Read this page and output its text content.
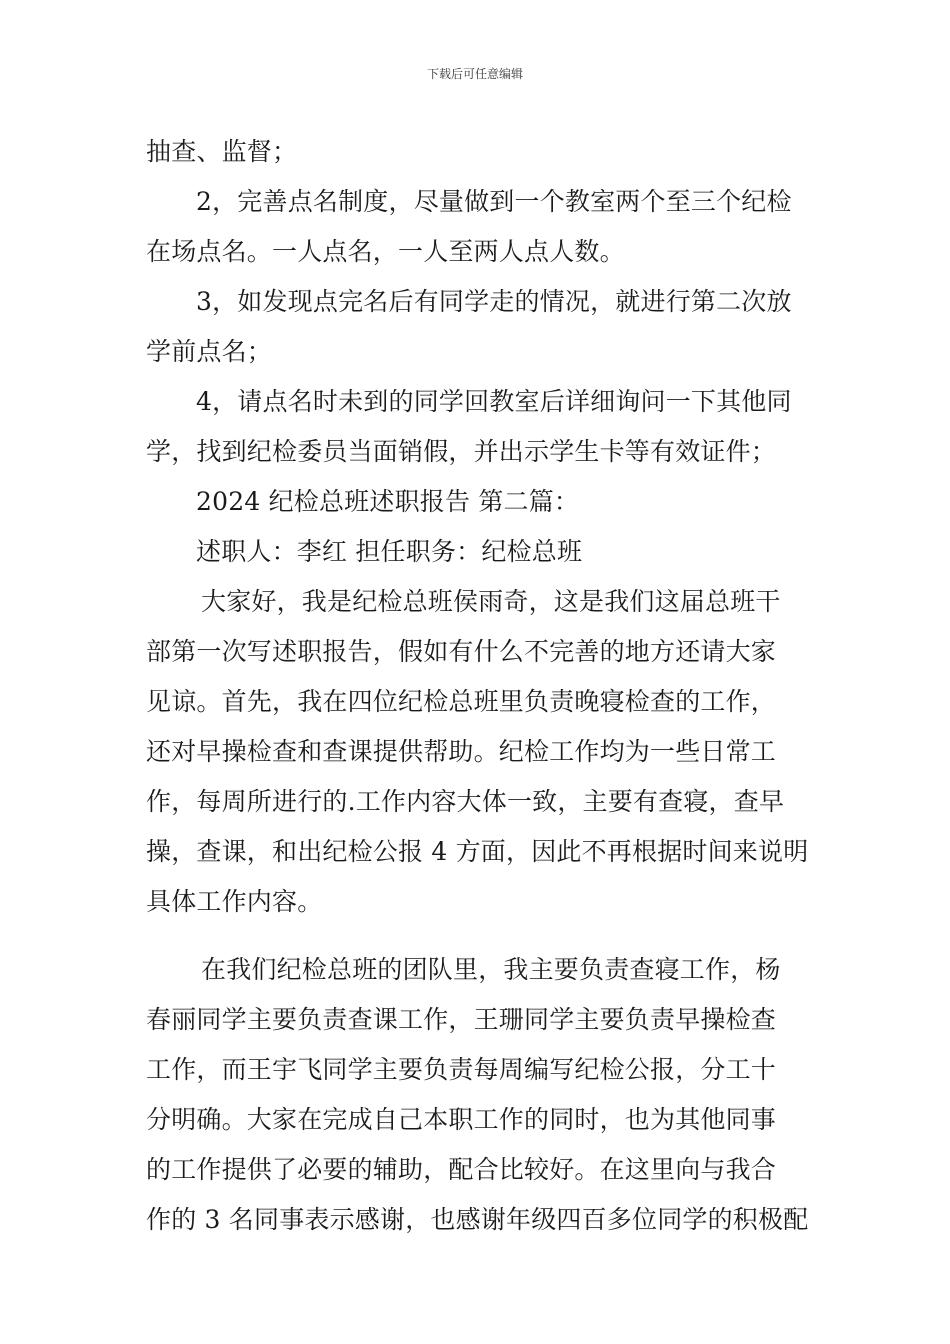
下载后可任意编辑
抽查、监督；
2，完善点名制度，尽量做到一个教室两个至三个纪检
在场点名。一人点名，一人至两人点人数。
3，如发现点完名后有同学走的情况，就进行第二次放
学前点名；
4，请点名时未到的同学回教室后详细询问一下其他同
学，找到纪检委员当面销假，并出示学生卡等有效证件；
2024 纪检总班述职报告 第二篇：
述职人：李红 担任职务：纪检总班
大家好，我是纪检总班侯雨奇，这是我们这届总班干
部第一次写述职报告，假如有什么不完善的地方还请大家
见谅。首先，我在四位纪检总班里负责晚寝检查的工作，
还对早操检查和查课提供帮助。纪检工作均为一些日常工
作，每周所进行的.工作内容大体一致，主要有查寝，查早
操，查课，和出纪检公报 4 方面，因此不再根据时间来说明
具体工作内容。
在我们纪检总班的团队里，我主要负责查寝工作，杨
春丽同学主要负责查课工作，王珊同学主要负责早操检查
工作，而王宇飞同学主要负责每周编写纪检公报，分工十
分明确。大家在完成自己本职工作的同时，也为其他同事
的工作提供了必要的辅助，配合比较好。在这里向与我合
作的 3 名同事表示感谢，也感谢年级四百多位同学的积极配
